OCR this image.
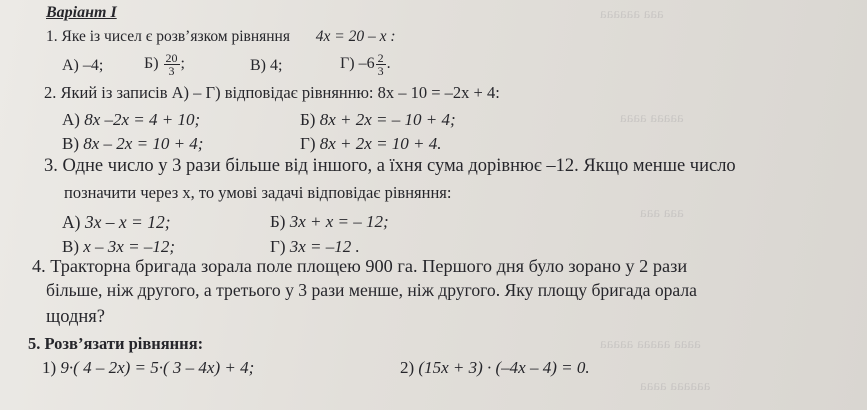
ааа аааааа
ааааа аааа
ааа ааа
аааа ааааа ааааа
аааааа аааа
Варіант I
1. Яке із чисел є розв’язком рівняння 4x = 20 – x :
А) –4;	$Б) \frac{20}{3}$ ;	В) 4;	Г) $-6 \frac{2}{3}$ .
2. Який із записів А) – Г) відповідає рівнянню: 8x – 10 = –2x + 4:
А) 8x –2x = 4 + 10;	Б) 8x + 2x = – 10 + 4;
В) 8x – 2x = 10 + 4;	Г) 8x + 2x = 10 + 4.
3. Одне число у 3 рази більше від іншого, а їхня сума дорівнює –12. Якщо менше число
позначити через х, то умові задачі відповідає рівняння:
А) 3x – x = 12;	Б) 3x + x = – 12;
В) x – 3x = –12;	Г) 3x = –12 .
4. Тракторна бригада зорала поле площею 900 га. Першого дня було зорано у 2 рази
більше, ніж другого, а третього у 3 рази менше, ніж другого. Яку площу бригада орала
щодня?
5. Розв’язати рівняння:
1) 9·( 4 – 2x) = 5·( 3 – 4x) + 4;	2) (15x + 3) · (–4x – 4) = 0.
